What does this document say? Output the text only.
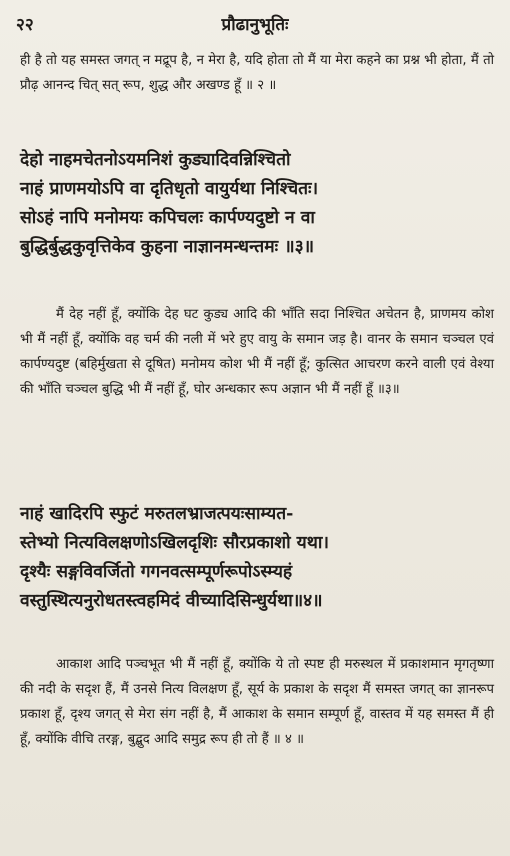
२२	प्रौढानुभूतिः

ही है तो यह समस्त जगत् न मद्रूप है, न मेरा है, यदि होता तो मैं या मेरा कहने का प्रश्न भी होता, मैं तो प्रौढ़ आनन्द चित् सत् रूप, शुद्ध और अखण्ड हूँ ॥ २ ॥

देहो नाहमचेतनोऽयमनिशं कुड्यादिवन्निश्चितो
नाहं प्राणमयोऽपि वा दृतिधृतो वायुर्यथा निश्चितः।
सोऽहं नापि मनोमयः कपिचलः कार्पण्यदुष्टो न वा
बुद्धिर्बुद्धकुवृत्तिकेव कुहना नाज्ञानमन्धन्तमः ॥३॥

मैं देह नहीं हूँ, क्योंकि देह घट कुड्य आदि की भाँति सदा निश्चित अचेतन है, प्राणमय कोश भी मैं नहीं हूँ, क्योंकि वह चर्म की नली में भरे हुए वायु के समान जड़ है। वानर के समान चञ्चल एवं कार्पण्यदुष्ट (बहिर्मुखता से दूषित) मनोमय कोश भी मैं नहीं हूँ; कुत्सित आचरण करने वाली एवं वेश्या की भाँति चञ्चल बुद्धि भी मैं नहीं हूँ, घोर अन्धकार रूप अज्ञान भी मैं नहीं हूँ ॥३॥

नाहं खादिरपि स्फुटं मरुतलभ्राजत्पयःसाम्यत-
स्तेभ्यो नित्यविलक्षणोऽखिलदृशिः सौरप्रकाशो यथा।
दृश्यैः सङ्गविवर्जितो गगनवत्सम्पूर्णरूपोऽस्म्यहं
वस्तुस्थित्यनुरोधतस्त्वहमिदं वीच्यादिसिन्धुर्यथा॥४॥

आकाश आदि पञ्चभूत भी मैं नहीं हूँ, क्योंकि ये तो स्पष्ट ही मरुस्थल में प्रकाशमान मृगतृष्णा की नदी के सदृश हैं, मैं उनसे नित्य विलक्षण हूँ, सूर्य के प्रकाश के सदृश मैं समस्त जगत् का ज्ञानरूप प्रकाश हूँ, दृश्य जगत् से मेरा संग नहीं है, मैं आकाश के समान सम्पूर्ण हूँ, वास्तव में यह समस्त मैं ही हूँ, क्योंकि वीचि तरङ्ग, बुद्बुद आदि समुद्र रूप ही तो हैं ॥ ४ ॥
